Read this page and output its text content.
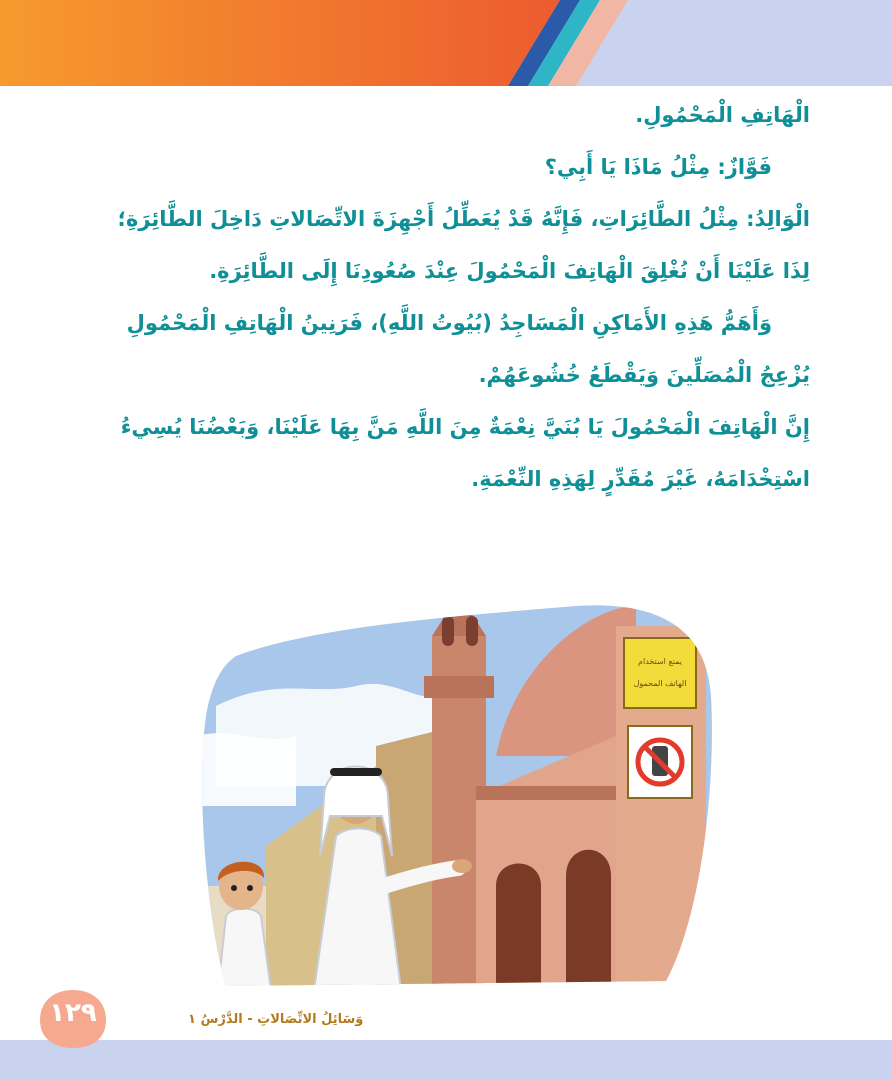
الْهَاتِفِ الْمَحْمُولِ.
فَوَّازٌ: مِثْلُ مَاذَا يَا أَبِي؟
الْوَالِدُ: مِثْلُ الطَّائِرَاتِ، فَإِنَّهُ قَدْ يُعَطِّلُ أَجْهِزَةَ الاتِّصَالاتِ دَاخِلَ الطَّائِرَةِ؛
لِذَا عَلَيْنَا أَنْ نُغْلِقَ الْهَاتِفَ الْمَحْمُولَ عِنْدَ صُعُودِنَا إِلَى الطَّائِرَةِ.
وَأَهَمُّ هَذِهِ الأَمَاكِنِ الْمَسَاجِدُ (بُيُوتُ اللَّهِ)، فَرَنِينُ الْهَاتِفِ الْمَحْمُولِ
يُزْعِجُ الْمُصَلِّينَ وَيَقْطَعُ خُشُوعَهُمْ.
إِنَّ الْهَاتِفَ الْمَحْمُولَ يَا بُنَيَّ نِعْمَةٌ مِنَ اللَّهِ مَنَّ بِهَا عَلَيْنَا، وَبَعْضُنَا يُسِيءُ
اسْتِخْدَامَهُ، غَيْرَ مُقَدِّرٍ لِهَذِهِ النِّعْمَةِ.
يمنع استخدام
الهاتف المحمول
١٢٩	وَسَائِلُ الاتِّصَالاتِ - الدَّرْسُ ١
